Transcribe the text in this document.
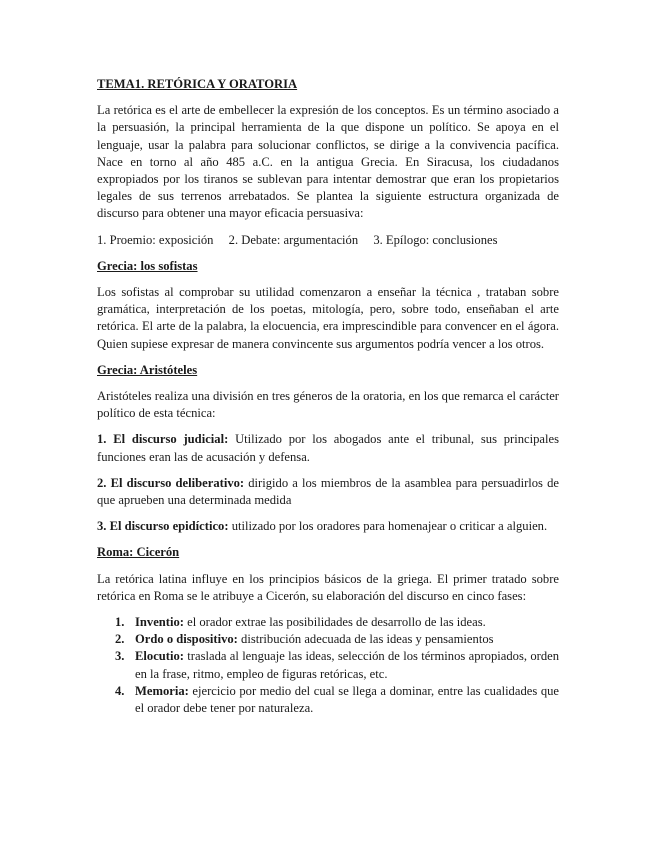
TEMA1. RETÓRICA Y ORATORIA

La retórica es el arte de embellecer la expresión de los conceptos. Es un término asociado a la persuasión, la principal herramienta de la que dispone un político. Se apoya en el lenguaje, usar la palabra para solucionar conflictos, se dirige a la convivencia pacífica. Nace en torno al año 485 a.C. en la antigua Grecia. En Siracusa, los ciudadanos expropiados por los tiranos se sublevan para intentar demostrar que eran los propietarios legales de sus terrenos arrebatados. Se plantea la siguiente estructura organizada de discurso para obtener una mayor eficacia persuasiva:

1. Proemio: exposición 2. Debate: argumentación 3. Epílogo: conclusiones
Grecia: los sofistas

Los sofistas al comprobar su utilidad comenzaron a enseñar la técnica , trataban sobre gramática, interpretación de los poetas, mitología, pero, sobre todo, enseñaban el arte retórica. El arte de la palabra, la elocuencia, era imprescindible para convencer en el ágora. Quien supiese expresar de manera convincente sus argumentos podría vencer a los otros.

Grecia: Aristóteles

Aristóteles realiza una división en tres géneros de la oratoria, en los que remarca el carácter político de esta técnica:

1. El discurso judicial: Utilizado por los abogados ante el tribunal, sus principales funciones eran las de acusación y defensa.
2. El discurso deliberativo: dirigido a los miembros de la asamblea para persuadirlos de que aprueben una determinada medida
3. El discurso epidíctico: utilizado por los oradores para homenajear o criticar a alguien.
Roma: Cicerón

La retórica latina influye en los principios básicos de la griega. El primer tratado sobre retórica en Roma se le atribuye a Cicerón, su elaboración del discurso en cinco fases:

1. Inventio: el orador extrae las posibilidades de desarrollo de las ideas.
2. Ordo o dispositivo: distribución adecuada de las ideas y pensamientos
3. Elocutio: traslada al lenguaje las ideas, selección de los términos apropiados, orden en la frase, ritmo, empleo de figuras retóricas, etc.
4. Memoria: ejercicio por medio del cual se llega a dominar, entre las cualidades que el orador debe tener por naturaleza.
